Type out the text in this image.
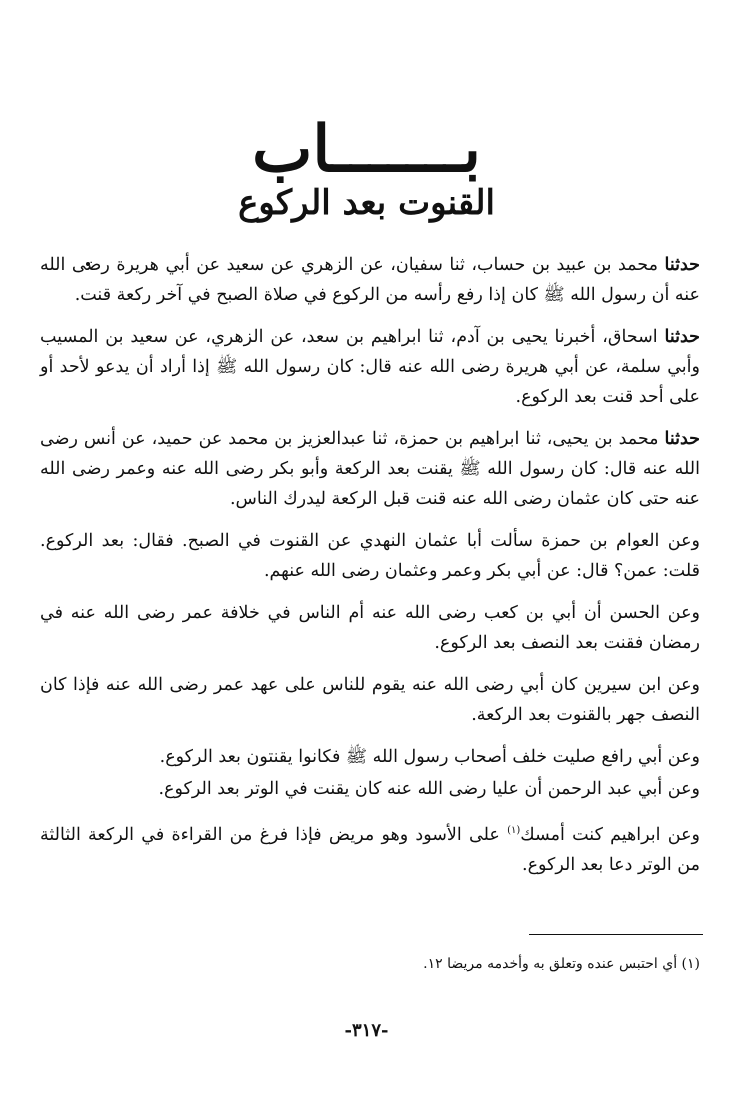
بـــــــاب
القنوت بعد الركوع

حدثنا محمد بن عبيد بن حساب، ثنا سفيان، عن الزهري عن سعيد عن أبي هريرة رضى الله عنه أن رسول الله ﷺ كان إذا رفع رأسه من الركوع في صلاة الصبح في آخر ركعة قنت.

حدثنا اسحاق، أخبرنا يحيى بن آدم، ثنا ابراهيم بن سعد، عن الزهري، عن سعيد بن المسيب وأبي سلمة، عن أبي هريرة رضى الله عنه قال: كان رسول الله ﷺ إذا أراد أن يدعو لأحد أو على أحد قنت بعد الركوع.

حدثنا محمد بن يحيى، ثنا ابراهيم بن حمزة، ثنا عبدالعزيز بن محمد عن حميد، عن أنس رضى الله عنه قال: كان رسول الله ﷺ يقنت بعد الركعة وأبو بكر رضى الله عنه وعمر رضى الله عنه حتى كان عثمان رضى الله عنه قنت قبل الركعة ليدرك الناس.

وعن العوام بن حمزة سألت أبا عثمان النهدي عن القنوت في الصبح. فقال: بعد الركوع. قلت: عمن؟ قال: عن أبي بكر وعمر وعثمان رضى الله عنهم.

وعن الحسن أن أبي بن كعب رضى الله عنه أم الناس في خلافة عمر رضى الله عنه في رمضان فقنت بعد النصف بعد الركوع.

وعن ابن سيرين كان أبي رضى الله عنه يقوم للناس على عهد عمر رضى الله عنه فإذا كان النصف جهر بالقنوت بعد الركعة.

وعن أبي رافع صليت خلف أصحاب رسول الله ﷺ فكانوا يقنتون بعد الركوع.

وعن أبي عبد الرحمن أن عليا رضى الله عنه كان يقنت في الوتر بعد الركوع.

وعن ابراهيم كنت أمسك$^{(١)}$ على الأسود وهو مريض فإذا فرغ من القراءة في الركعة الثالثة من الوتر دعا بعد الركوع.

(١) أي احتبس عنده وتعلق به وأخدمه مريضا ١٢.
-٣١٧-
